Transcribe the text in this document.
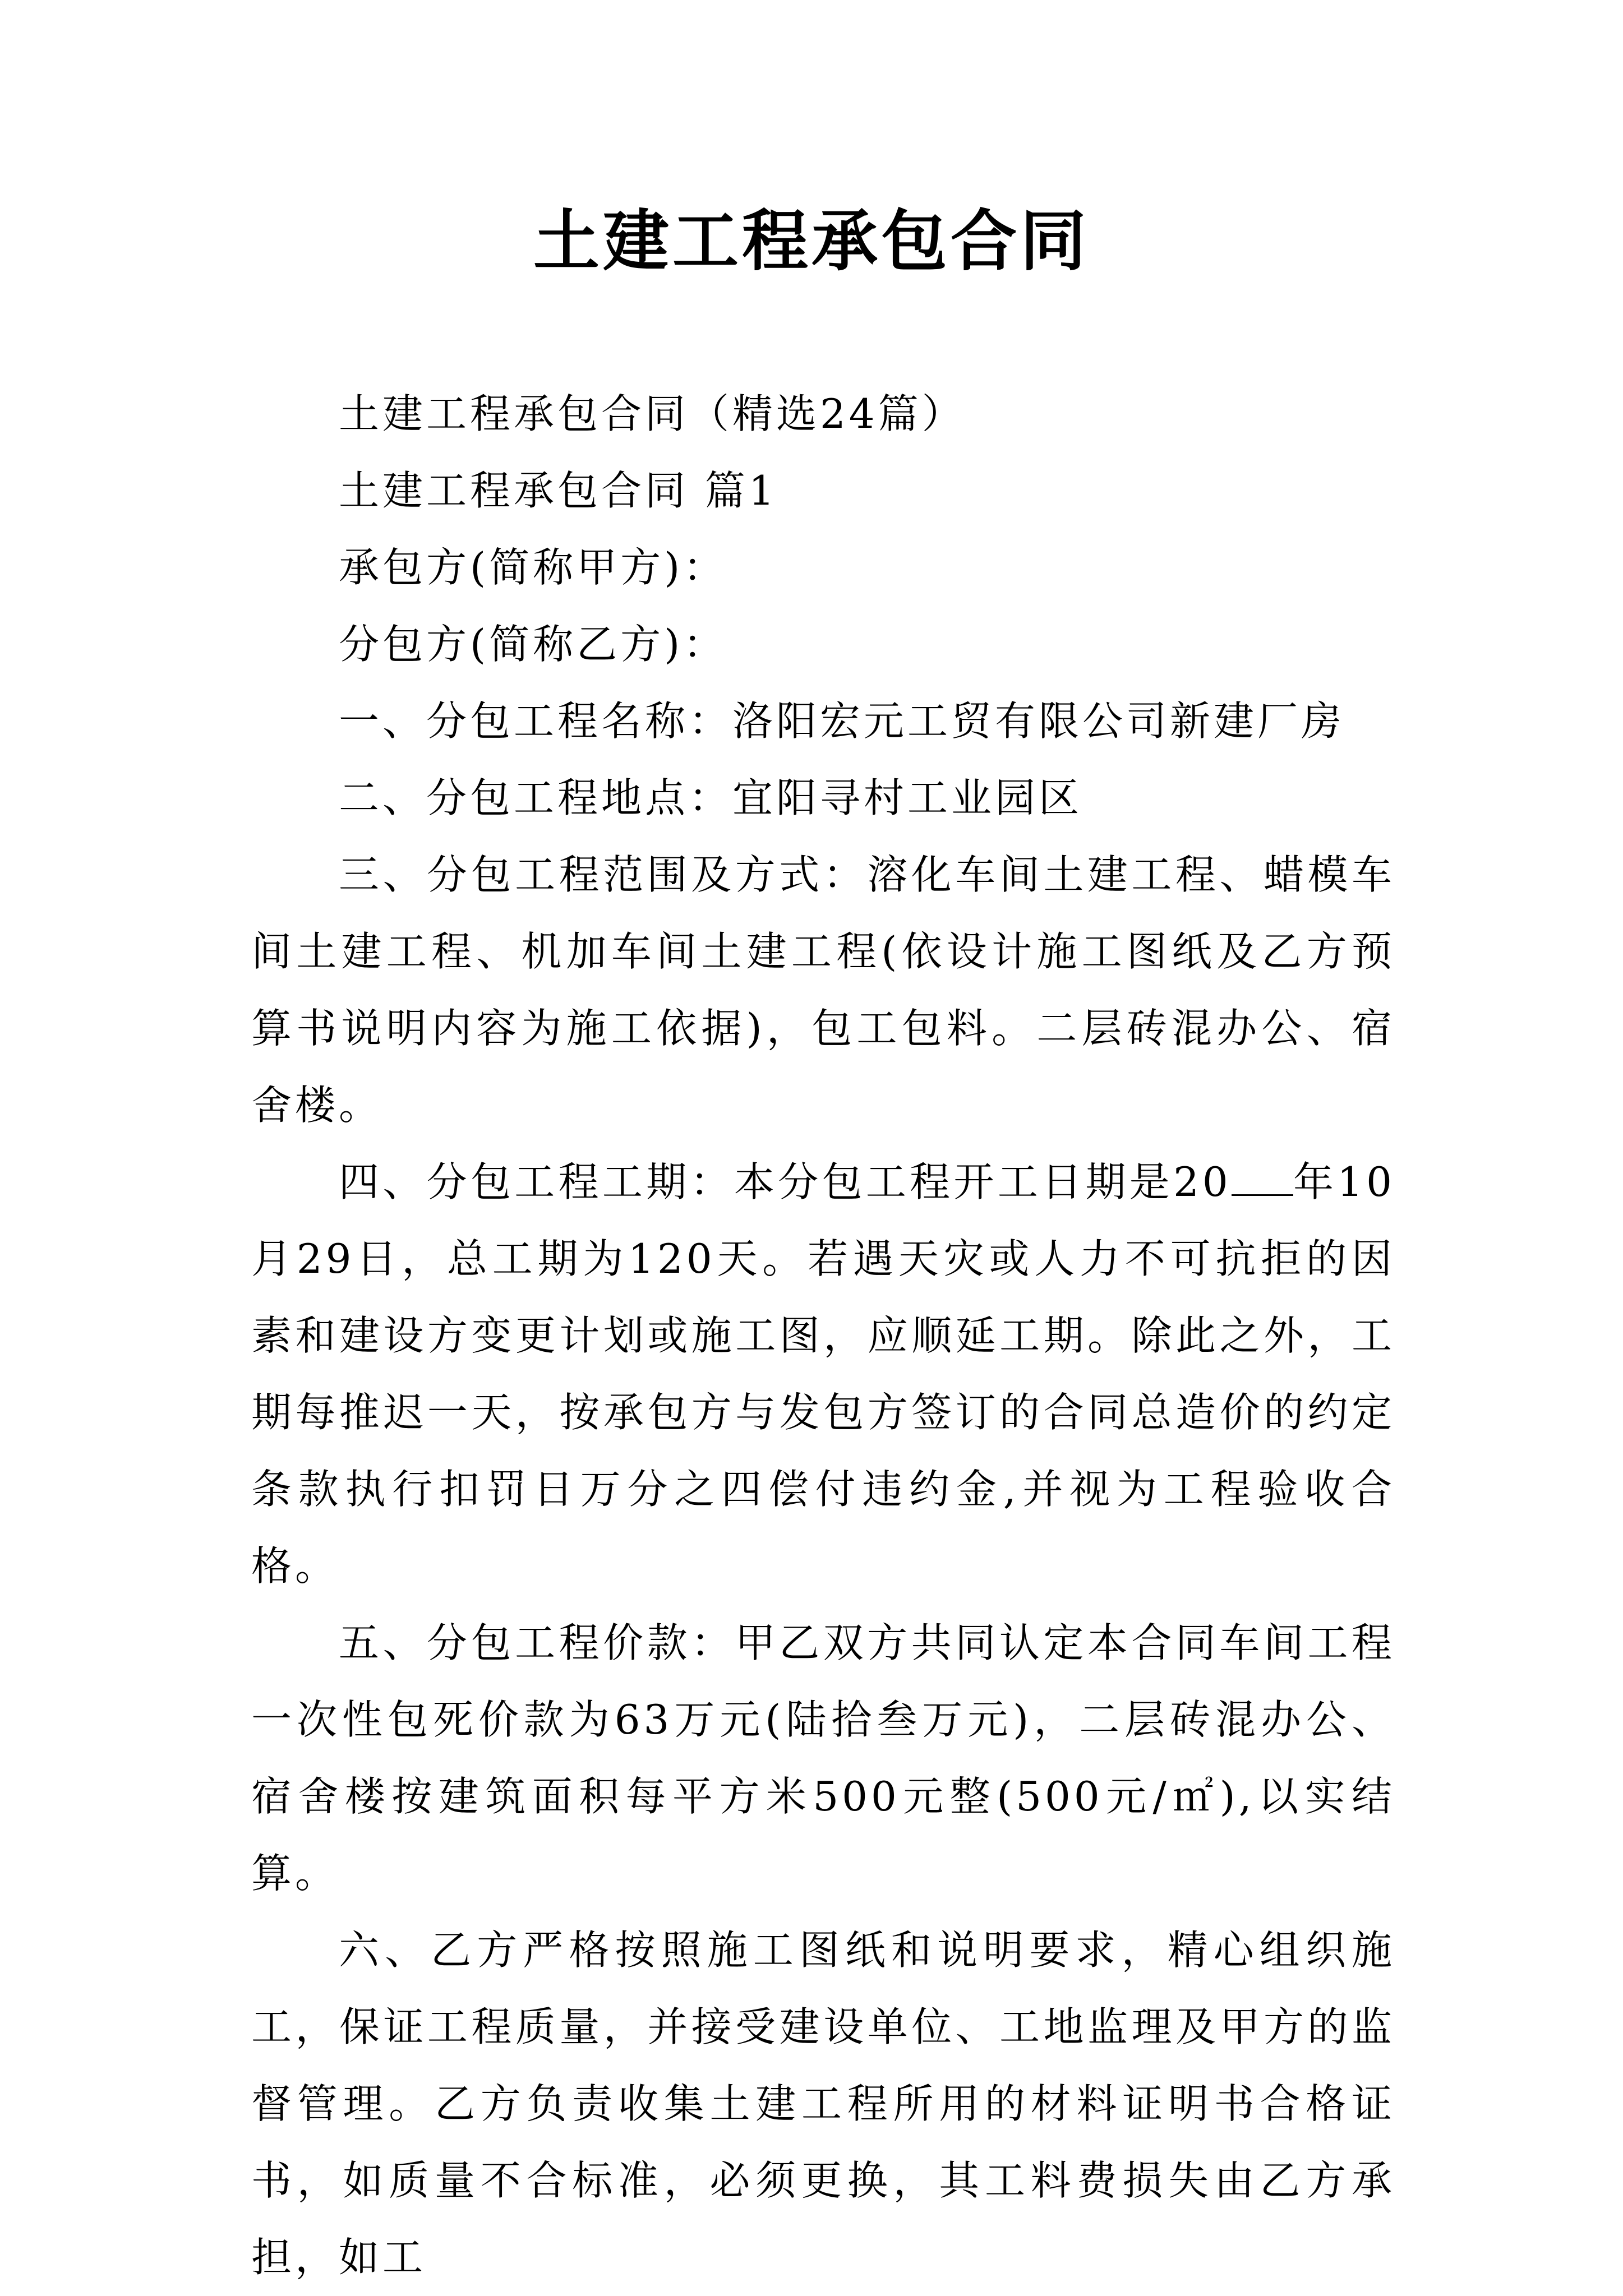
土建工程承包合同

土建工程承包合同（精选24篇）

土建工程承包合同 篇1

承包方(简称甲方)：

分包方(简称乙方)：

一、分包工程名称：洛阳宏元工贸有限公司新建厂房

二、分包工程地点：宜阳寻村工业园区

三、分包工程范围及方式：溶化车间土建工程、蜡模车间土建工程、机加车间土建工程(依设计施工图纸及乙方预算书说明内容为施工依据)，包工包料。二层砖混办公、宿舍楼。

四、分包工程工期：本分包工程开工日期是20 年10月29日，总工期为120天。若遇天灾或人力不可抗拒的因素和建设方变更计划或施工图，应顺延工期。除此之外，工期每推迟一天，按承包方与发包方签订的合同总造价的约定条款执行扣罚日万分之四偿付违约金,并视为工程验收合格。

五、分包工程价款：甲乙双方共同认定本合同车间工程一次性包死价款为63万元(陆拾叁万元)，二层砖混办公、宿舍楼按建筑面积每平方米500元整(500元/㎡),以实结算。

六、乙方严格按照施工图纸和说明要求，精心组织施工，保证工程质量，并接受建设单位、工地监理及甲方的监督管理。乙方负责收集土建工程所用的材料证明书合格证书，如质量不合标准，必须更换，其工料费损失由乙方承担，如工
